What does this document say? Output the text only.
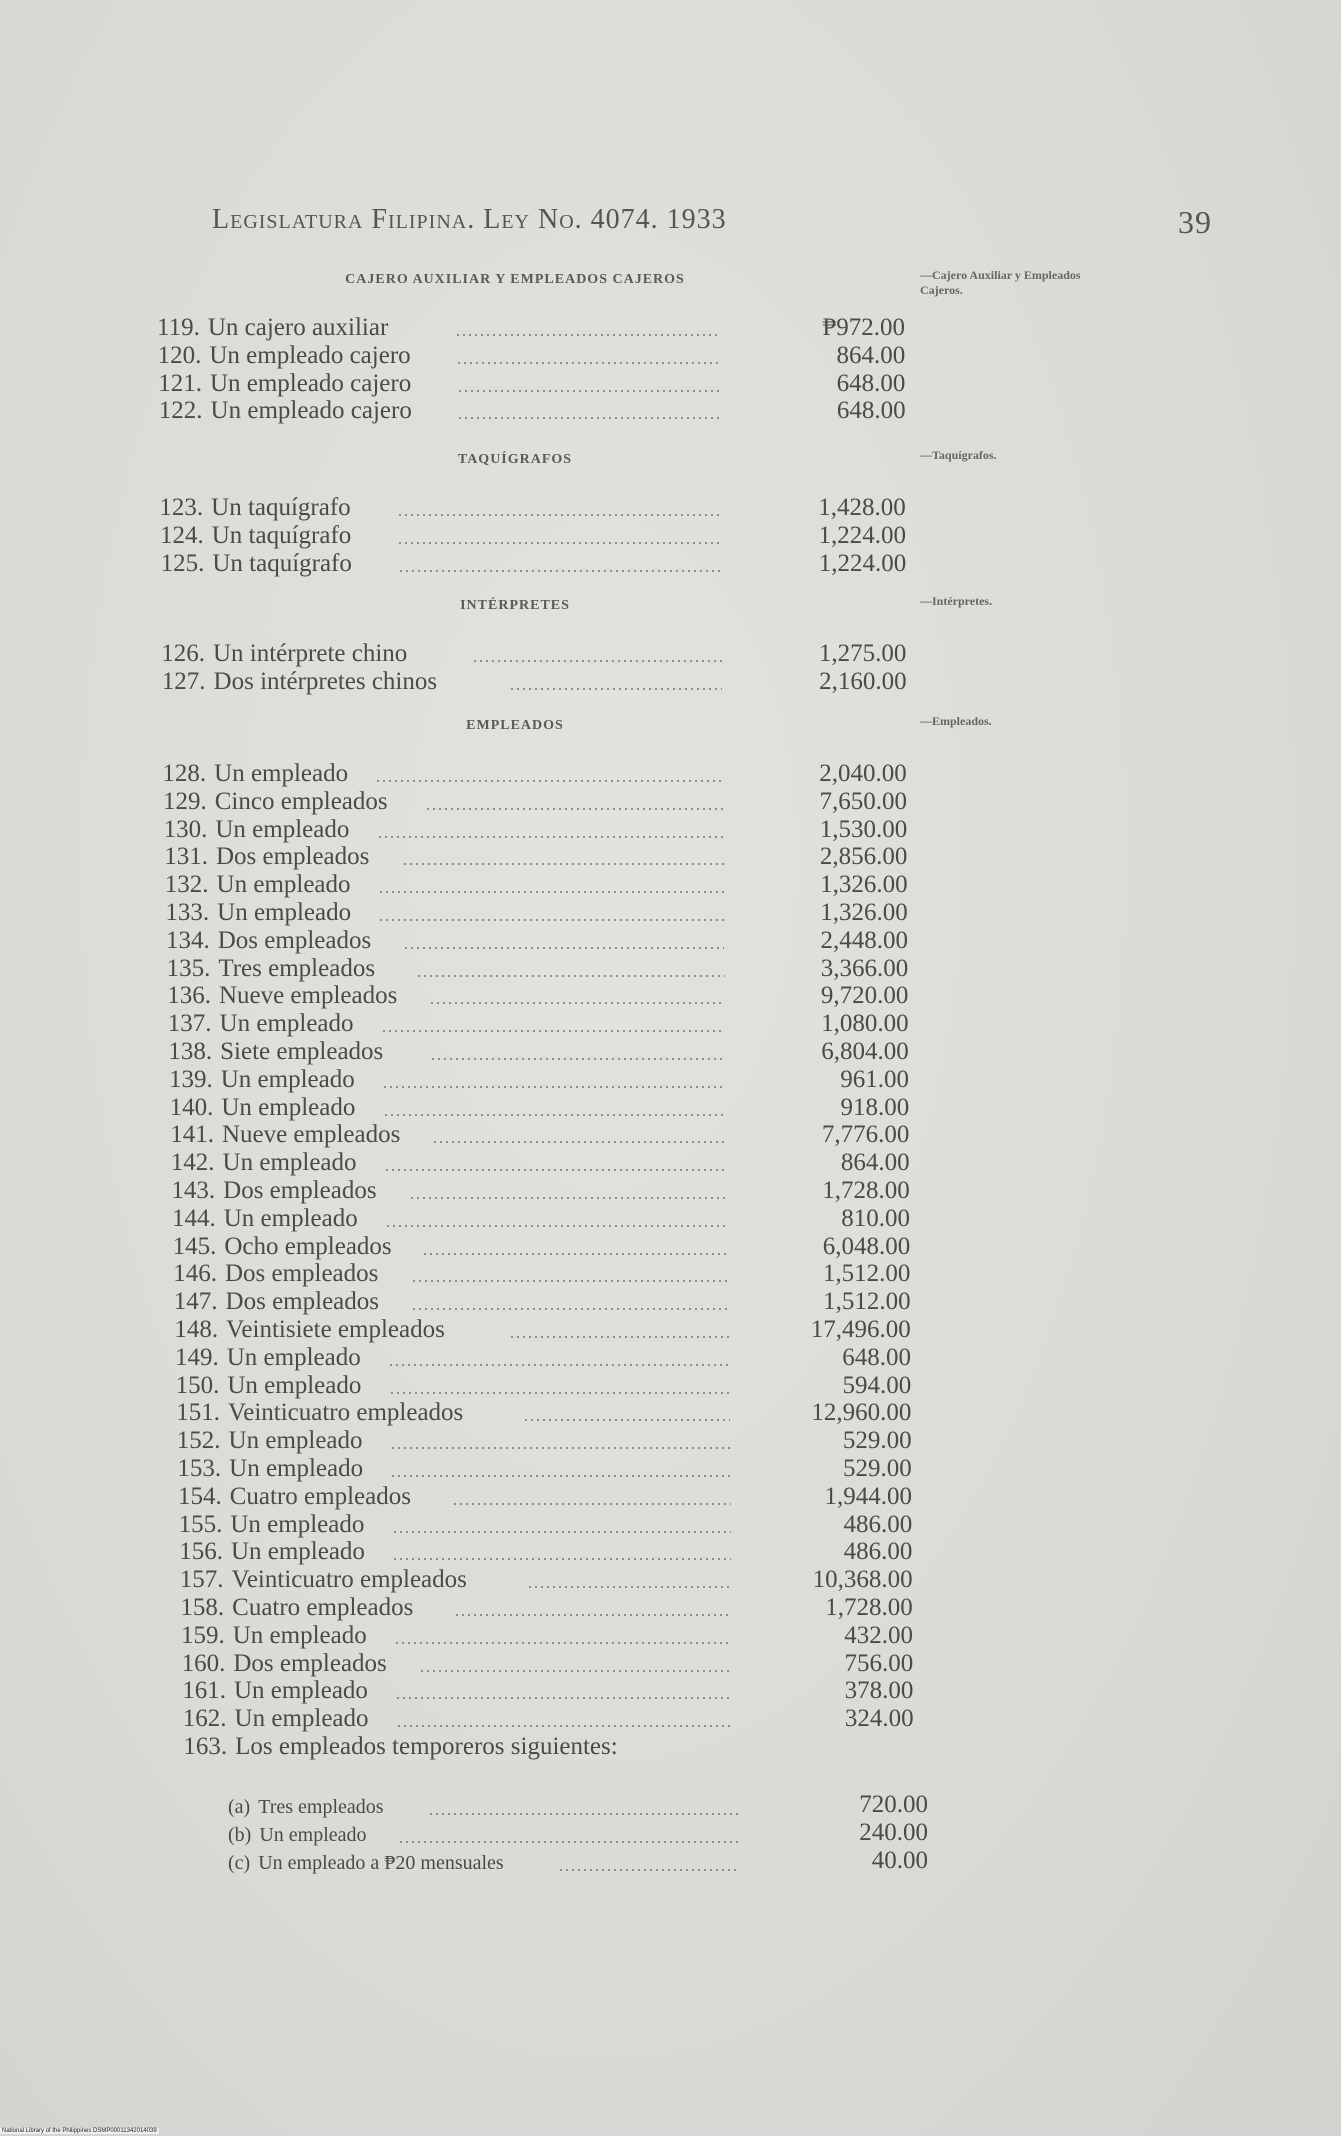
Legislatura Filipina. Ley No. 4074. 1933	39
CAJERO AUXILIAR Y EMPLEADOS CAJEROS	—Cajero Auxiliar y Empleados Cajeros.
119. Un cajero auxiliar	₱972.00
120. Un empleado cajero	864.00
121. Un empleado cajero	648.00
122. Un empleado cajero	648.00
TAQUÍGRAFOS	—Taquígrafos.
123. Un taquígrafo	1,428.00
124. Un taquígrafo	1,224.00
125. Un taquígrafo	1,224.00
INTÉRPRETES	—Intérpretes.
126. Un intérprete chino	1,275.00
127. Dos intérpretes chinos	2,160.00
EMPLEADOS	—Empleados.
128. Un empleado	2,040.00
129. Cinco empleados	7,650.00
130. Un empleado	1,530.00
131. Dos empleados	2,856.00
132. Un empleado	1,326.00
133. Un empleado	1,326.00
134. Dos empleados	2,448.00
135. Tres empleados	3,366.00
136. Nueve empleados	9,720.00
137. Un empleado	1,080.00
138. Siete empleados	6,804.00
139. Un empleado	961.00
140. Un empleado	918.00
141. Nueve empleados	7,776.00
142. Un empleado	864.00
143. Dos empleados	1,728.00
144. Un empleado	810.00
145. Ocho empleados	6,048.00
146. Dos empleados	1,512.00
147. Dos empleados	1,512.00
148. Veintisiete empleados	17,496.00
149. Un empleado	648.00
150. Un empleado	594.00
151. Veinticuatro empleados	12,960.00
152. Un empleado	529.00
153. Un empleado	529.00
154. Cuatro empleados	1,944.00
155. Un empleado	486.00
156. Un empleado	486.00
157. Veinticuatro empleados	10,368.00
158. Cuatro empleados	1,728.00
159. Un empleado	432.00
160. Dos empleados	756.00
161. Un empleado	378.00
162. Un empleado	324.00
163. Los empleados temporeros siguientes:
(a) Tres empleados	720.00
(b) Un empleado	240.00
(c) Un empleado a ₱20 mensuales	40.00
National Library of the Philippines DSMP00011342014039
